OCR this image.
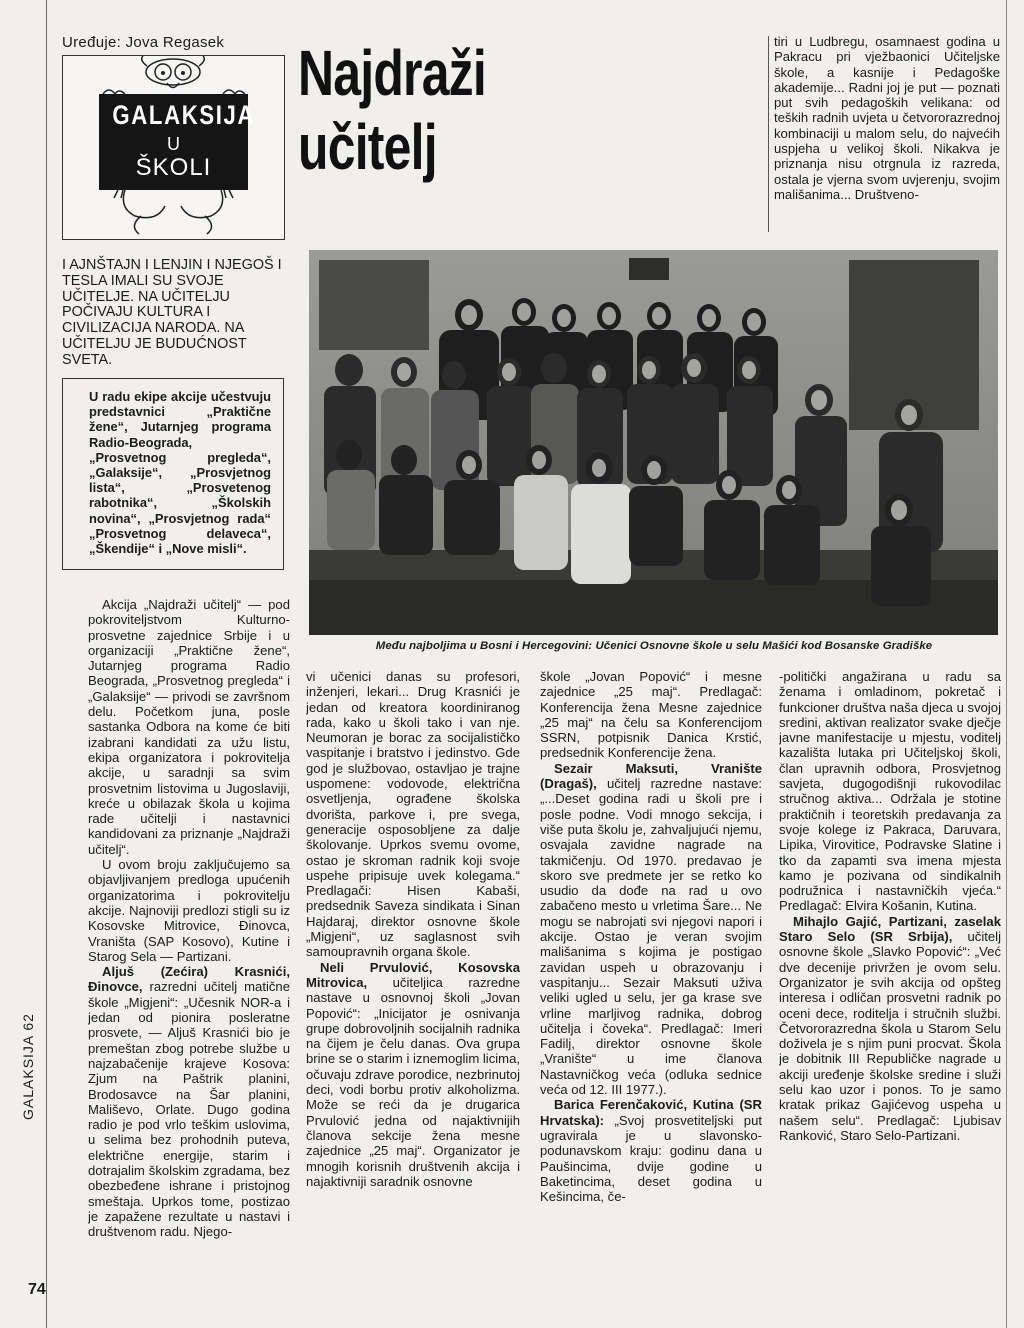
Uređuje: Jova Regasek
GALAKSIJA
U
ŠKOLI
Najdraži učitelj

tiri u Ludbregu, osamnaest godina u Pakracu pri vježbaonici Učiteljske škole, a kasnije i Pedagoške akademije... Radni joj je put — poznati put svih pedagoških velikana: od teških radnih uvjeta u četvororazrednoj kombinaciji u malom selu, do najvećih uspjeha u velikoj školi. Nikakva je priznanja nisu otrgnula iz razreda, ostala je vjerna svom uvjerenju, svojim mališanima... Društveno-

I AJNŠTAJN I LENJIN I NJEGOŠ I TESLA IMALI SU SVOJE UČITELJE. NA UČITELJU POČIVAJU KULTURA I CIVILIZACIJA NARODA. NA UČITELJU JE BUDUĆNOST SVETA.
U radu ekipe akcije učestvuju predstavnici „Praktične žene“, Jutarnjeg programa Radio-Beograda, „Prosvetnog pregleda“, „Galaksije“, „Prosvjetnog lista“, „Prosvetenog rabotnika“, „Školskih novina“, „Prosvjetnog rada“ „Prosvetnog delaveca“, „Škendije“ i „Nove misli“.
Među najboljima u Bosni i Hercegovini: Učenici Osnovne škole u selu Mašići kod Bosanske Gradiške

Akcija „Najdraži učitelj“ — pod pokroviteljstvom Kulturno-prosvetne zajednice Srbije i u organizaciji „Praktične žene“, Jutarnjeg programa Radio Beograda, „Prosvetnog pregleda“ i „Galaksije“ — privodi se završnom delu. Početkom juna, posle sastanka Odbora na kome će biti izabrani kandidati za užu listu, ekipa organizatora i pokrovitelja akcije, u saradnji sa svim prosvetnim listovima u Jugoslaviji, kreće u obilazak škola u kojima rade učitelji i nastavnici kandidovani za priznanje „Najdraži učitelj“.

U ovom broju zaključujemo sa objavljivanjem predloga upućenih organizatorima i pokrovitelju akcije. Najnoviji predlozi stigli su iz Kosovske Mitrovice, Đinovca, Vraništa (SAP Kosovo), Kutine i Starog Sela — Partizani.

Aljuš (Zećira) Krasnići, Đinovce, razredni učitelj matične škole „Migjeni“: „Učesnik NOR-a i jedan od pionira posleratne prosvete, — Aljuš Krasnići bio je premeštan zbog potrebe službe u najzabačenije krajeve Kosova: Zjum na Paštrik planini, Brodosavce na Šar planini, Mališevo, Orlate. Dugo godina radio je pod vrlo teškim uslovima, u selima bez prohodnih puteva, električne energije, starim i dotrajalim školskim zgradama, bez obezbeđene ishrane i pristojnog smeštaja. Uprkos tome, postizao je zapažene rezultate u nastavi i društvenom radu. Njego-

vi učenici danas su profesori, inženjeri, lekari... Drug Krasnići je jedan od kreatora koordiniranog rada, kako u školi tako i van nje. Neumoran je borac za socijalističko vaspitanje i bratstvo i jedinstvo. Gde god je službovao, ostavljao je trajne uspomene: vodovode, električna osvetljenja, ograđene školska dvorišta, parkove i, pre svega, generacije osposobljene za dalje školovanje. Uprkos svemu ovome, ostao je skroman radnik koji svoje uspehe pripisuje uvek kolegama.“ Predlagači: Hisen Kabaši, predsednik Saveza sindikata i Sinan Hajdaraj, direktor osnovne škole „Migjeni“, uz saglasnost svih samoupravnih organa škole.

Neli Prvulović, Kosovska Mitrovica, učiteljica razredne nastave u osnovnoj školi „Jovan Popović“: „Inicijator je osnivanja grupe dobrovoljnih socijalnih radnika na čijem je čelu danas. Ova grupa brine se o starim i iznemoglim licima, očuvaju zdrave porodice, nezbrinutoj deci, vodi borbu protiv alkoholizma. Može se reći da je drugarica Prvulović jedna od najaktivnijih članova sekcije žena mesne zajednice „25 maj“. Organizator je mnogih korisnih društvenih akcija i najaktivniji saradnik osnovne

škole „Jovan Popović“ i mesne zajednice „25 maj“. Predlagač: Konferencija žena Mesne zajednice „25 maj“ na čelu sa Konferencijom SSRN, potpisnik Danica Krstić, predsednik Konferencije žena.

Sezair Maksuti, Vranište (Dragaš), učitelj razredne nastave: „...Deset godina radi u školi pre i posle podne. Vodi mnogo sekcija, i više puta školu je, zahvaljujući njemu, osvajala zavidne nagrade na takmičenju. Od 1970. predavao je skoro sve predmete jer se retko ko usudio da dođe na rad u ovo zabačeno mesto u vrletima Šare... Ne mogu se nabrojati svi njegovi napori i akcije. Ostao je veran svojim mališanima s kojima je postigao zavidan uspeh u obrazovanju i vaspitanju... Sezair Maksuti uživa veliki ugled u selu, jer ga krase sve vrline marljivog radnika, dobrog učitelja i čoveka“. Predlagač: Imeri Fadilj, direktor osnovne škole „Vranište“ u ime članova Nastavničkog veća (odluka sednice veća od 12. III 1977.).

Barica Ferenčaković, Kutina (SR Hrvatska): „Svoj prosvetiteljski put ugravirala je u slavonsko-podunavskom kraju: godinu dana u Paušincima, dvije godine u Baketincima, deset godina u Kešincima, če-

-politički angažirana u radu sa ženama i omladinom, pokretač i funkcioner društva naša djeca u svojoj sredini, aktivan realizator svake dječje javne manifestacije u mjestu, voditelj kazališta lutaka pri Učiteljskoj školi, član upravnih odbora, Prosvjetnog savjeta, dugogodišnji rukovodilac stručnog aktiva... Održala je stotine praktičnih i teoretskih predavanja za svoje kolege iz Pakraca, Daruvara, Lipika, Virovitice, Podravske Slatine i tko da zapamti sva imena mjesta kamo je pozivana od sindikalnih podružnica i nastavničkih vjeća.“ Predlagač: Elvira Košanin, Kutina.

Mihajlo Gajić, Partizani, zaselak Staro Selo (SR Srbija), učitelj osnovne škole „Slavko Popović“: „Već dve decenije privržen je ovom selu. Organizator je svih akcija od opšteg interesa i odličan prosvetni radnik po oceni dece, roditelja i stručnih službi. Četvororazredna škola u Starom Selu doživela je s njim puni procvat. Škola je dobitnik III Republičke nagrade u akciji uređenje školske sredine i služi selu kao uzor i ponos. To je samo kratak prikaz Gajićevog uspeha u našem selu“. Predlagač: Ljubisav Ranković, Staro Selo-Partizani.

GALAKSIJA 62
74
